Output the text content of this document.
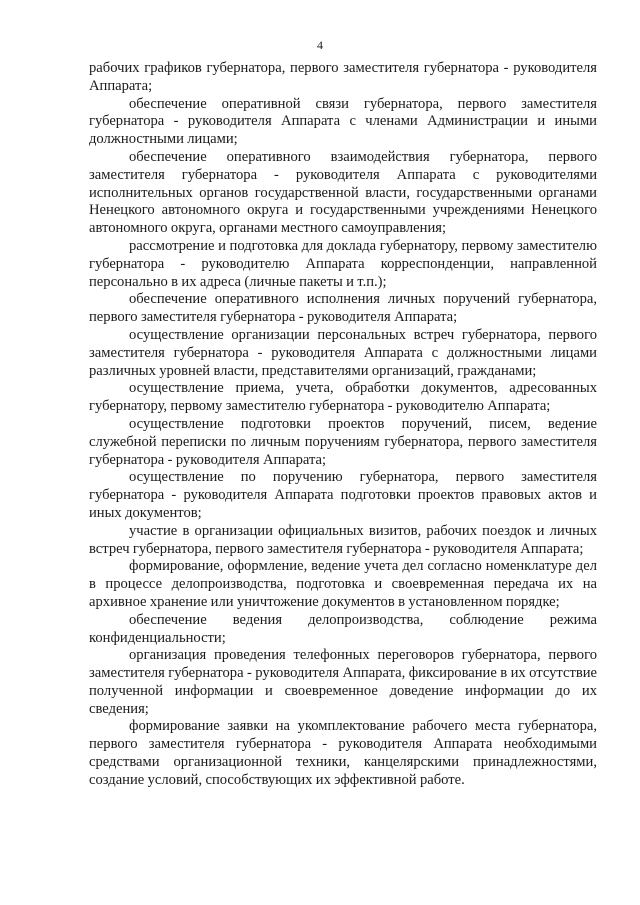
4

рабочих графиков губернатора, первого заместителя губернатора - руководителя Аппарата;

обеспечение оперативной связи губернатора, первого заместителя губернатора - руководителя Аппарата с членами Администрации и иными должностными лицами;

обеспечение оперативного взаимодействия губернатора, первого заместителя губернатора - руководителя Аппарата с руководителями исполнительных органов государственной власти, государственными органами Ненецкого автономного округа и государственными учреждениями Ненецкого автономного округа, органами местного самоуправления;

рассмотрение и подготовка для доклада губернатору, первому заместителю губернатора - руководителю Аппарата корреспонденции, направленной персонально в их адреса (личные пакеты и т.п.);

обеспечение оперативного исполнения личных поручений губернатора, первого заместителя губернатора - руководителя Аппарата;

осуществление организации персональных встреч губернатора, первого заместителя губернатора - руководителя Аппарата с должностными лицами различных уровней власти, представителями организаций, гражданами;

осуществление приема, учета, обработки документов, адресованных губернатору, первому заместителю губернатора - руководителю Аппарата;

осуществление подготовки проектов поручений, писем, ведение служебной переписки по личным поручениям губернатора, первого заместителя губернатора - руководителя Аппарата;

осуществление по поручению губернатора, первого заместителя губернатора - руководителя Аппарата подготовки проектов правовых актов и иных документов;

участие в организации официальных визитов, рабочих поездок и личных встреч губернатора, первого заместителя губернатора - руководителя Аппарата;

формирование, оформление, ведение учета дел согласно номенклатуре дел в процессе делопроизводства, подготовка и своевременная передача их на архивное хранение или уничтожение документов в установленном порядке;

обеспечение ведения делопроизводства, соблюдение режима конфиденциальности;

организация проведения телефонных переговоров губернатора, первого заместителя губернатора - руководителя Аппарата, фиксирование в их отсутствие полученной информации и своевременное доведение информации до их сведения;

формирование заявки на укомплектование рабочего места губернатора, первого заместителя губернатора - руководителя Аппарата необходимыми средствами организационной техники, канцелярскими принадлежностями, создание условий, способствующих их эффективной работе.
